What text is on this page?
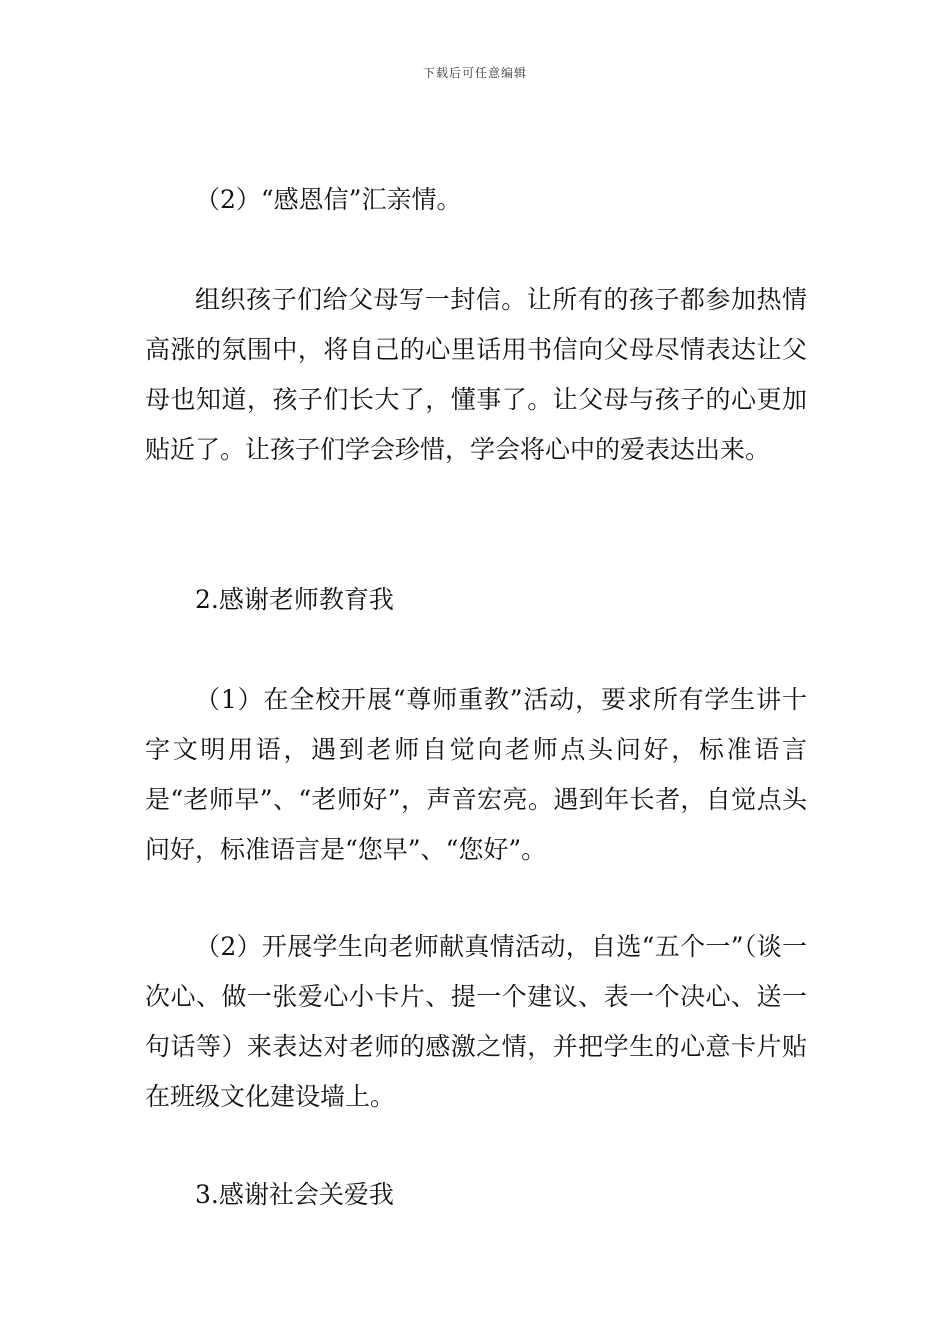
下载后可任意编辑

（2）“感恩信”汇亲情。

组织孩子们给父母写一封信。让所有的孩子都参加热情高涨的氛围中，将自己的心里话用书信向父母尽情表达让父母也知道，孩子们长大了，懂事了。让父母与孩子的心更加贴近了。让孩子们学会珍惜，学会将心中的爱表达出来。

2.感谢老师教育我

（1）在全校开展“尊师重教”活动，要求所有学生讲十字文明用语，遇到老师自觉向老师点头问好，标准语言是“老师早”、“老师好”，声音宏亮。遇到年长者，自觉点头问好，标准语言是“您早”、“您好”。

（2）开展学生向老师献真情活动，自选“五个一”（谈一次心、做一张爱心小卡片、提一个建议、表一个决心、送一句话等）来表达对老师的感激之情，并把学生的心意卡片贴在班级文化建设墙上。

3.感谢社会关爱我
